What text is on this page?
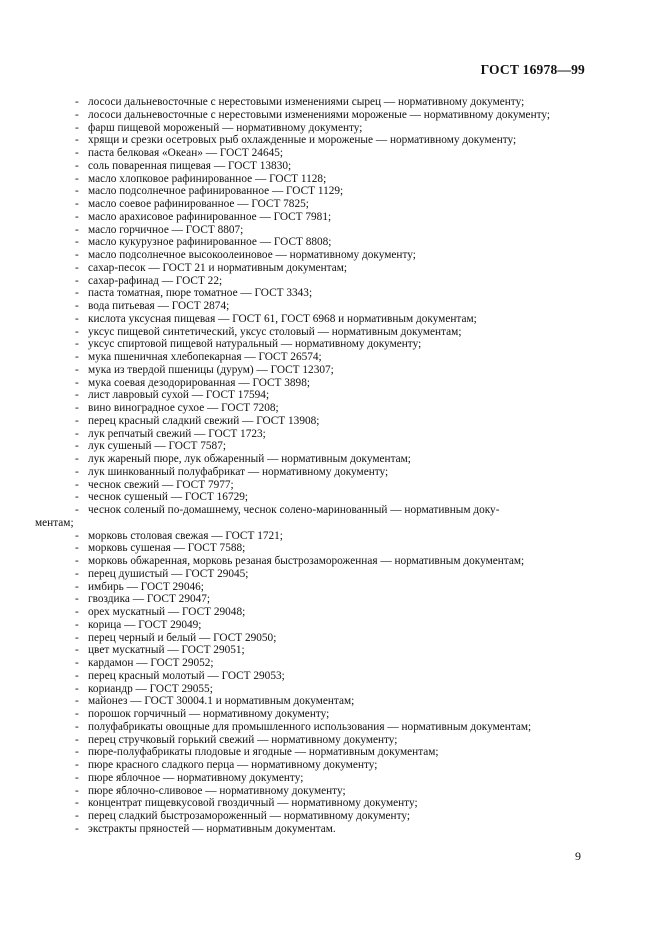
ГОСТ 16978—99
- лососи дальневосточные с нерестовыми изменениями сырец — нормативному документу;
- лососи дальневосточные с нерестовыми изменениями мороженые — нормативному документу;
- фарш пищевой мороженый — нормативному документу;
- хрящи и срезки осетровых рыб охлажденные и мороженые — нормативному документу;
- паста белковая «Океан» — ГОСТ 24645;
- соль поваренная пищевая — ГОСТ 13830;
- масло хлопковое рафинированное — ГОСТ 1128;
- масло подсолнечное рафинированное — ГОСТ 1129;
- масло соевое рафинированное — ГОСТ 7825;
- масло арахисовое рафинированное — ГОСТ 7981;
- масло горчичное — ГОСТ 8807;
- масло кукурузное рафинированное — ГОСТ 8808;
- масло подсолнечное высокоолеиновое — нормативному документу;
- сахар-песок — ГОСТ 21 и нормативным документам;
- сахар-рафинад — ГОСТ 22;
- паста томатная, пюре томатное — ГОСТ 3343;
- вода питьевая — ГОСТ 2874;
- кислота уксусная пищевая — ГОСТ 61, ГОСТ 6968 и нормативным документам;
- уксус пищевой синтетический, уксус столовый — нормативным документам;
- уксус спиртовой пищевой натуральный — нормативному документу;
- мука пшеничная хлебопекарная — ГОСТ 26574;
- мука из твердой пшеницы (дурум) — ГОСТ 12307;
- мука соевая дезодорированная — ГОСТ 3898;
- лист лавровый сухой — ГОСТ 17594;
- вино виноградное сухое — ГОСТ 7208;
- перец красный сладкий свежий — ГОСТ 13908;
- лук репчатый свежий — ГОСТ 1723;
- лук сушеный — ГОСТ 7587;
- лук жареный пюре, лук обжаренный — нормативным документам;
- лук шинкованный полуфабрикат — нормативному документу;
- чеснок свежий — ГОСТ 7977;
- чеснок сушеный — ГОСТ 16729;
- чеснок соленый по-домашнему, чеснок солено-маринованный — нормативным доку-
ментам;
- морковь столовая свежая — ГОСТ 1721;
- морковь сушеная — ГОСТ 7588;
- морковь обжаренная, морковь резаная быстрозамороженная — нормативным документам;
- перец душистый — ГОСТ 29045;
- имбирь — ГОСТ 29046;
- гвоздика — ГОСТ 29047;
- орех мускатный — ГОСТ 29048;
- корица — ГОСТ 29049;
- перец черный и белый — ГОСТ 29050;
- цвет мускатный — ГОСТ 29051;
- кардамон — ГОСТ 29052;
- перец красный молотый — ГОСТ 29053;
- кориандр — ГОСТ 29055;
- майонез — ГОСТ 30004.1 и нормативным документам;
- порошок горчичный — нормативному документу;
- полуфабрикаты овощные для промышленного использования — нормативным документам;
- перец стручковый горький свежий — нормативному документу;
- пюре-полуфабрикаты плодовые и ягодные — нормативным документам;
- пюре красного сладкого перца — нормативному документу;
- пюре яблочное — нормативному документу;
- пюре яблочно-сливовое — нормативному документу;
- концентрат пищевкусовой гвоздичный — нормативному документу;
- перец сладкий быстрозамороженный — нормативному документу;
- экстракты пряностей — нормативным документам.
9
